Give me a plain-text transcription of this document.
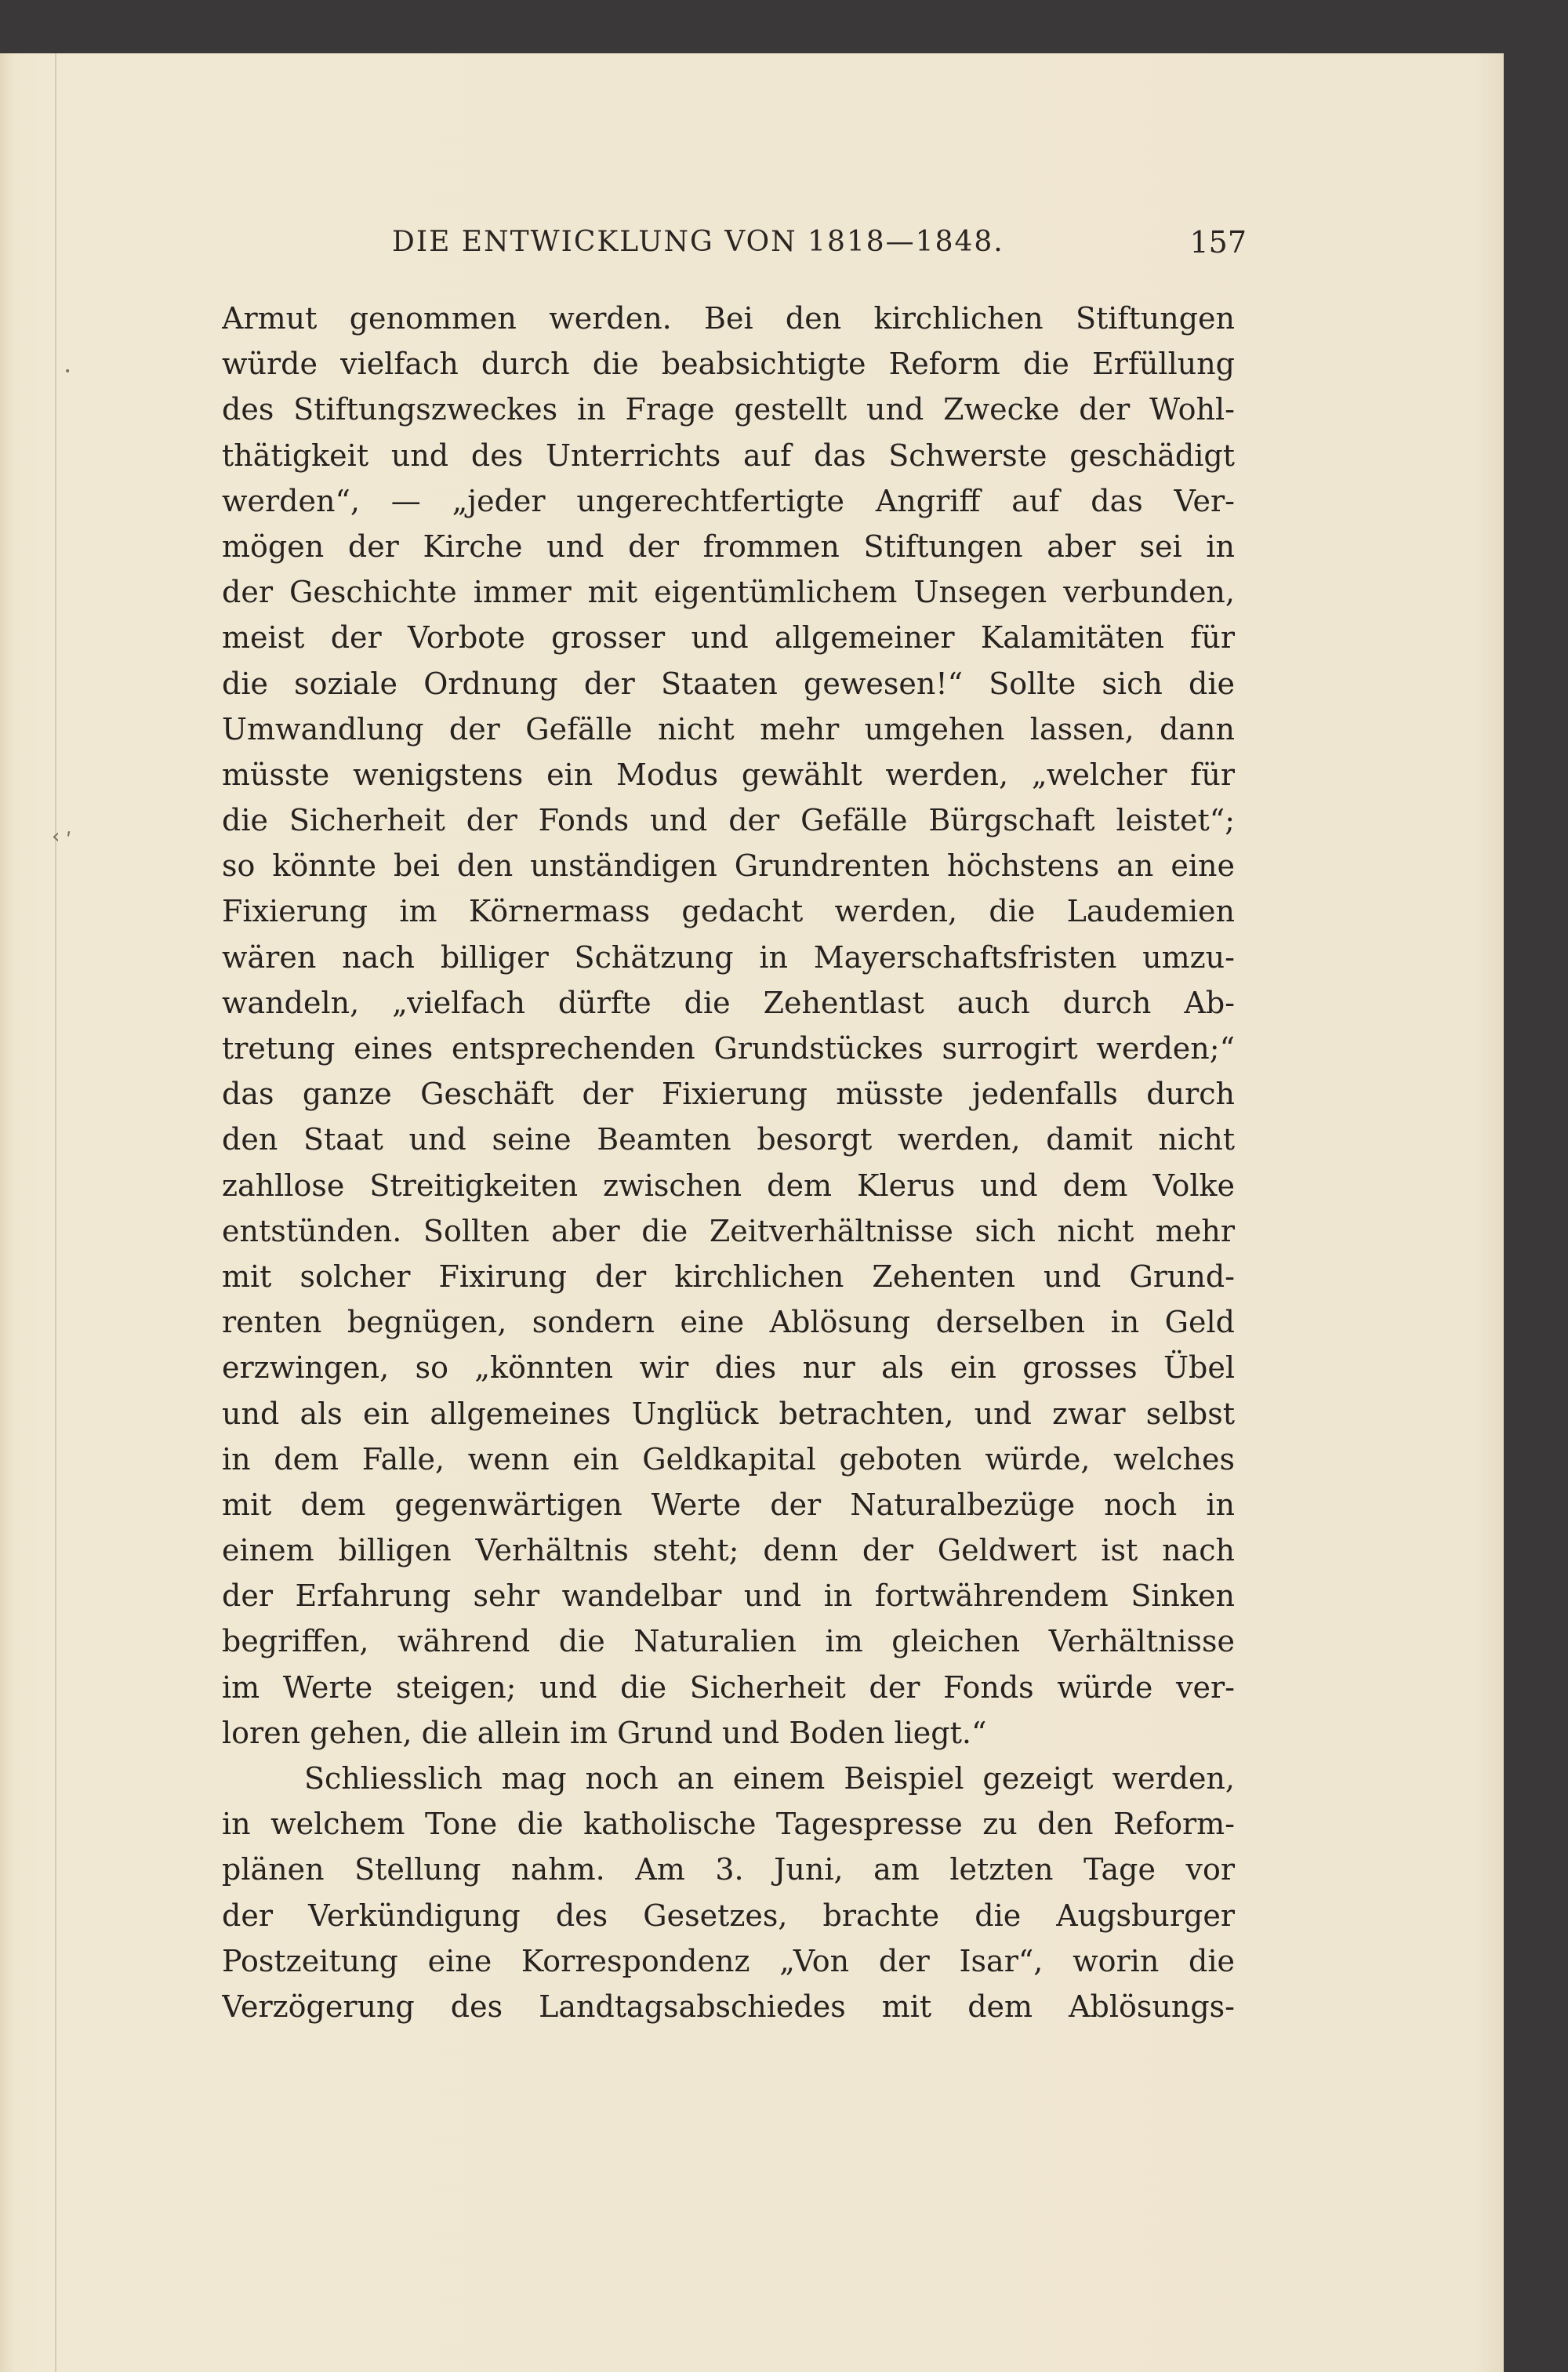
•
‹ ʹ
DIE ENTWICKLUNG VON 1818—1848.	157
Armut genommen werden. Bei den kirchlichen Stiftungen
würde vielfach durch die beabsichtigte Reform die Erfüllung
des Stiftungszweckes in Frage gestellt und Zwecke der Wohl-
thätigkeit und des Unterrichts auf das Schwerste geschädigt
werden“, — „jeder ungerechtfertigte Angriff auf das Ver-
mögen der Kirche und der frommen Stiftungen aber sei in
der Geschichte immer mit eigentümlichem Unsegen verbunden,
meist der Vorbote grosser und allgemeiner Kalamitäten für
die soziale Ordnung der Staaten gewesen!“ Sollte sich die
Umwandlung der Gefälle nicht mehr umgehen lassen, dann
müsste wenigstens ein Modus gewählt werden, „welcher für
die Sicherheit der Fonds und der Gefälle Bürgschaft leistet“;
so könnte bei den unständigen Grundrenten höchstens an eine
Fixierung im Körnermass gedacht werden, die Laudemien
wären nach billiger Schätzung in Mayerschaftsfristen umzu-
wandeln, „vielfach dürfte die Zehentlast auch durch Ab-
tretung eines entsprechenden Grundstückes surrogirt werden;“
das ganze Geschäft der Fixierung müsste jedenfalls durch
den Staat und seine Beamten besorgt werden, damit nicht
zahllose Streitigkeiten zwischen dem Klerus und dem Volke
entstünden. Sollten aber die Zeitverhältnisse sich nicht mehr
mit solcher Fixirung der kirchlichen Zehenten und Grund-
renten begnügen, sondern eine Ablösung derselben in Geld
erzwingen, so „könnten wir dies nur als ein grosses Übel
und als ein allgemeines Unglück betrachten, und zwar selbst
in dem Falle, wenn ein Geldkapital geboten würde, welches
mit dem gegenwärtigen Werte der Naturalbezüge noch in
einem billigen Verhältnis steht; denn der Geldwert ist nach
der Erfahrung sehr wandelbar und in fortwährendem Sinken
begriffen, während die Naturalien im gleichen Verhältnisse
im Werte steigen; und die Sicherheit der Fonds würde ver-
loren gehen, die allein im Grund und Boden liegt.“
Schliesslich mag noch an einem Beispiel gezeigt werden,
in welchem Tone die katholische Tagespresse zu den Reform-
plänen Stellung nahm. Am 3. Juni, am letzten Tage vor
der Verkündigung des Gesetzes, brachte die Augsburger
Postzeitung eine Korrespondenz „Von der Isar“, worin die
Verzögerung des Landtagsabschiedes mit dem Ablösungs-
